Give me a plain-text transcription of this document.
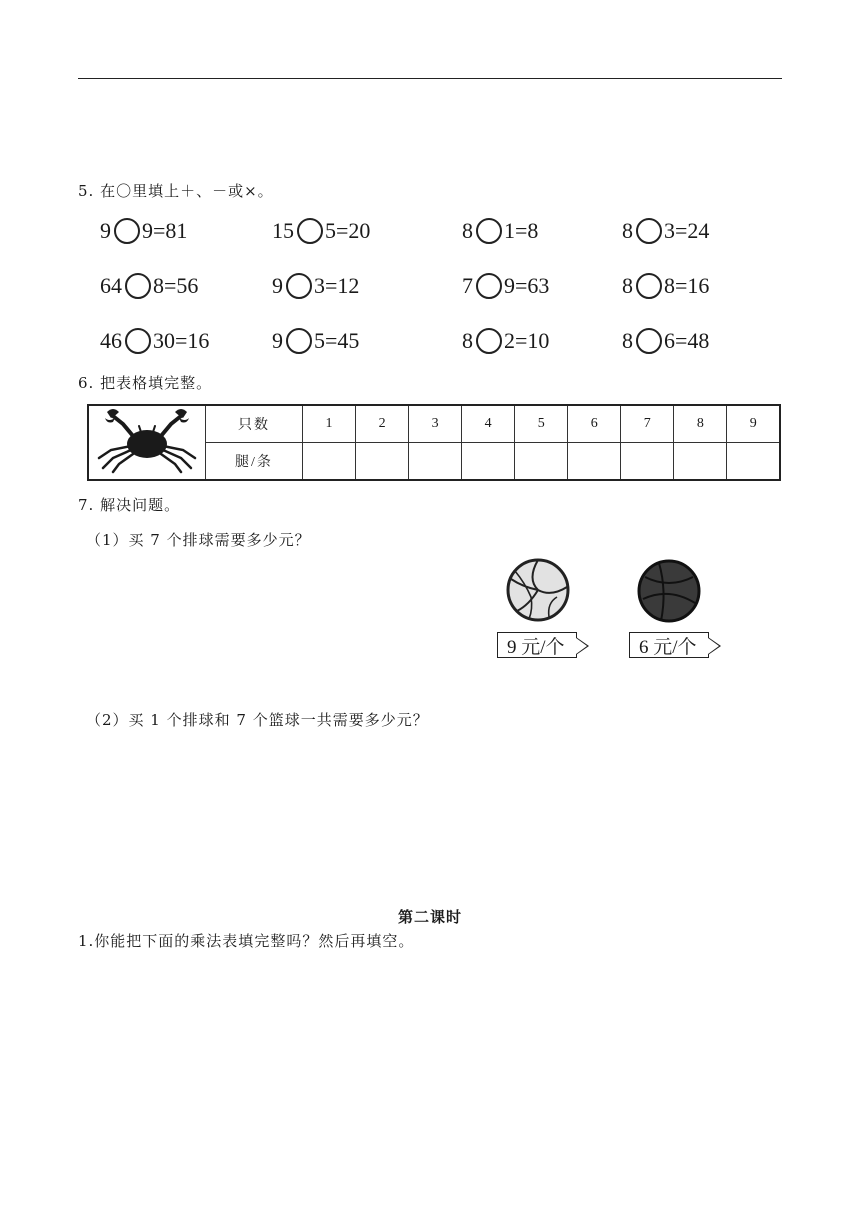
5. 在〇里填上＋、－或×。
9 9=81	15 5=20	8 1=8	8 3=24
64 8=56	9 3=12	7 9=63	8 8=16
46 30=16	9 5=45	8 2=10	8 6=48
6. 把表格填完整。
	只数	1	2	3	4	5	6	7	8	9
	腿/条									
7. 解决问题。
（1）买 7 个排球需要多少元？
9 元/个	6 元/个
（2）买 1 个排球和 7 个篮球一共需要多少元？
第二课时
1.你能把下面的乘法表填完整吗？然后再填空。
